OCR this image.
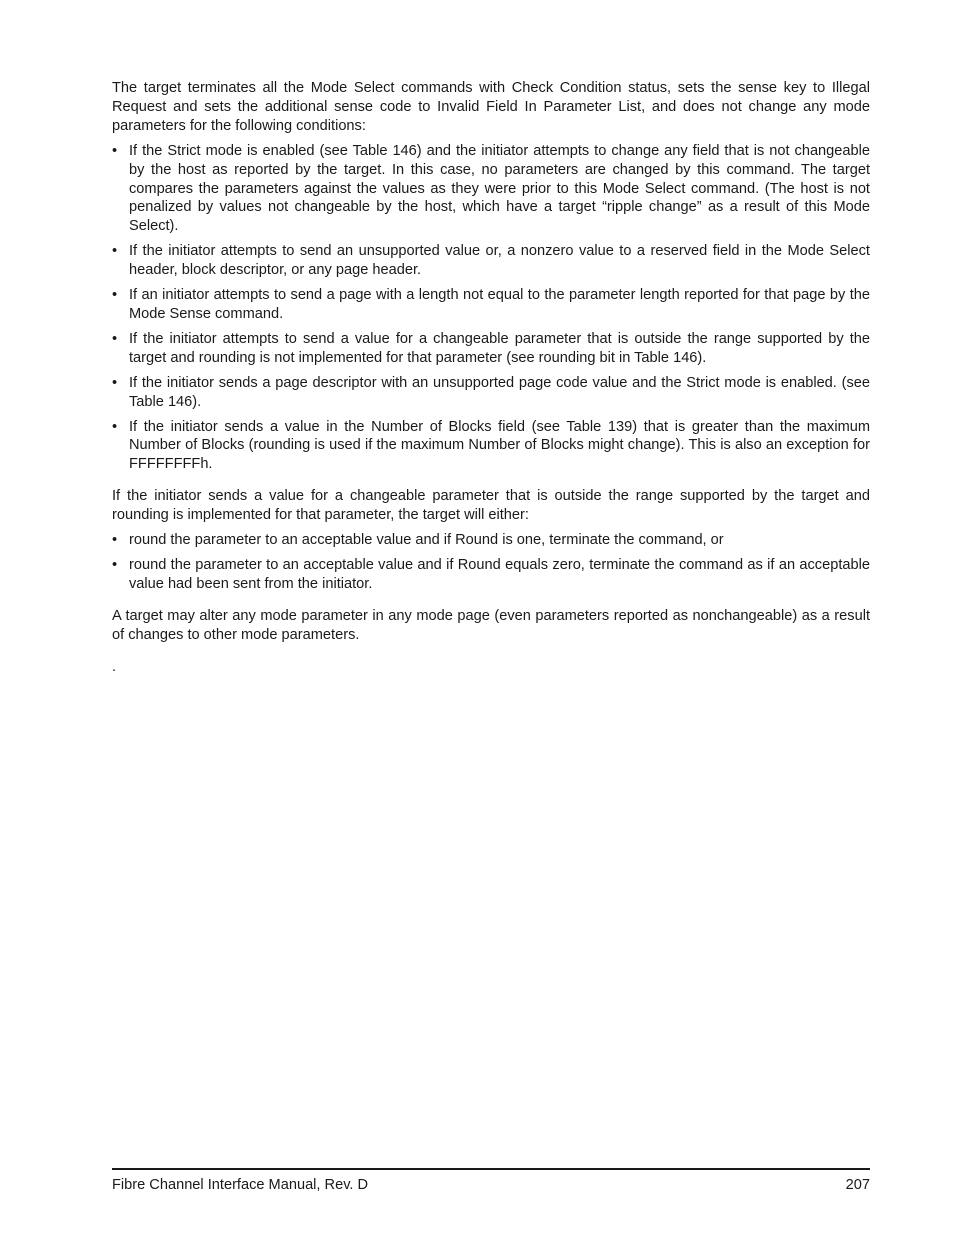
The target terminates all the Mode Select commands with Check Condition status, sets the sense key to Illegal Request and sets the additional sense code to Invalid Field In Parameter List, and does not change any mode parameters for the following conditions:

• If the Strict mode is enabled (see Table 146) and the initiator attempts to change any field that is not changeable by the host as reported by the target. In this case, no parameters are changed by this command. The target compares the parameters against the values as they were prior to this Mode Select command. (The host is not penalized by values not changeable by the host, which have a target “ripple change” as a result of this Mode Select).
• If the initiator attempts to send an unsupported value or, a nonzero value to a reserved field in the Mode Select header, block descriptor, or any page header.
• If an initiator attempts to send a page with a length not equal to the parameter length reported for that page by the Mode Sense command.
• If the initiator attempts to send a value for a changeable parameter that is outside the range supported by the target and rounding is not implemented for that parameter (see rounding bit in Table 146).
• If the initiator sends a page descriptor with an unsupported page code value and the Strict mode is enabled. (see Table 146).
• If the initiator sends a value in the Number of Blocks field (see Table 139) that is greater than the maximum Number of Blocks (rounding is used if the maximum Number of Blocks might change). This is also an exception for FFFFFFFFh.

If the initiator sends a value for a changeable parameter that is outside the range supported by the target and rounding is implemented for that parameter, the target will either:

• round the parameter to an acceptable value and if Round is one, terminate the command, or
• round the parameter to an acceptable value and if Round equals zero, terminate the command as if an acceptable value had been sent from the initiator.

A target may alter any mode parameter in any mode page (even parameters reported as nonchangeable) as a result of changes to other mode parameters.

.

Fibre Channel Interface Manual, Rev. D	207
